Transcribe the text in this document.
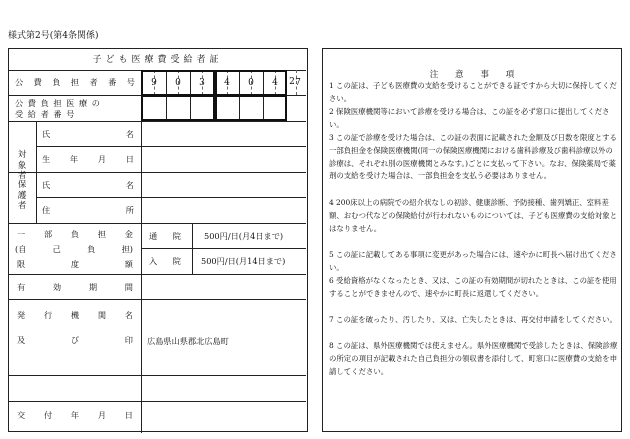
様式第2号(第4条関係)
子ども医療費受給者証
公 費 負 担 者 番 号	9	0	3	4	0	4	7
公 費 負 担 医 療 の
受 給 者 番 号
対
象
者
氏	名
生 年 月 日
保
護
者
氏	名
住	所
一 部 負 担 金
(自	己	負	担)
限	度	額
通 院	500円/日(月4日まで)
入 院 500円/日(月14日まで)
有	効	期	間
発 行 機 関 名
及	び	印 広島県山県郡北広島町
交 付 年 月 日
2
注 意 事 項
1 この証は、子ども医療費の支給を受けることができる証ですから大切に保持してください。
2 保険医療機関等において診療を受ける場合は、この証を必ず窓口に提出してください。
3 この証で診療を受けた場合は、この証の表面に記載された金額及び日数を限度とする一部負担金を保険医療機関(同一の保険医療機関における歯科診療及び歯科診療以外の診療は、それぞれ別の医療機関とみなす。)ごとに支払って下さい。なお、保険薬局で薬剤の支給を受けた場合は、一部負担金を支払う必要はありません。
4 200床以上の病院での紹介状なしの初診、健康診断、予防接種、歯列矯正、室料差額、おむつ代などの保険給付が行われないものについては、子ども医療費の支給対象とはなりません。
5 この証に記載してある事項に変更があった場合には、速やかに町長へ届け出てください。
6 受給資格がなくなったとき、又は、この証の有効期間が切れたときは、この証を使用することができませんので、速やかに町長に返還してください。
7 この証を破ったり、汚したり、又は、亡失したときは、再交付申請をしてください。
8 この証は、県外医療機関では使えません。県外医療機関で受診したときは、保険診療の所定の項目が記載された自己負担分の領収書を添付して、町窓口に医療費の支給を申請してください。
